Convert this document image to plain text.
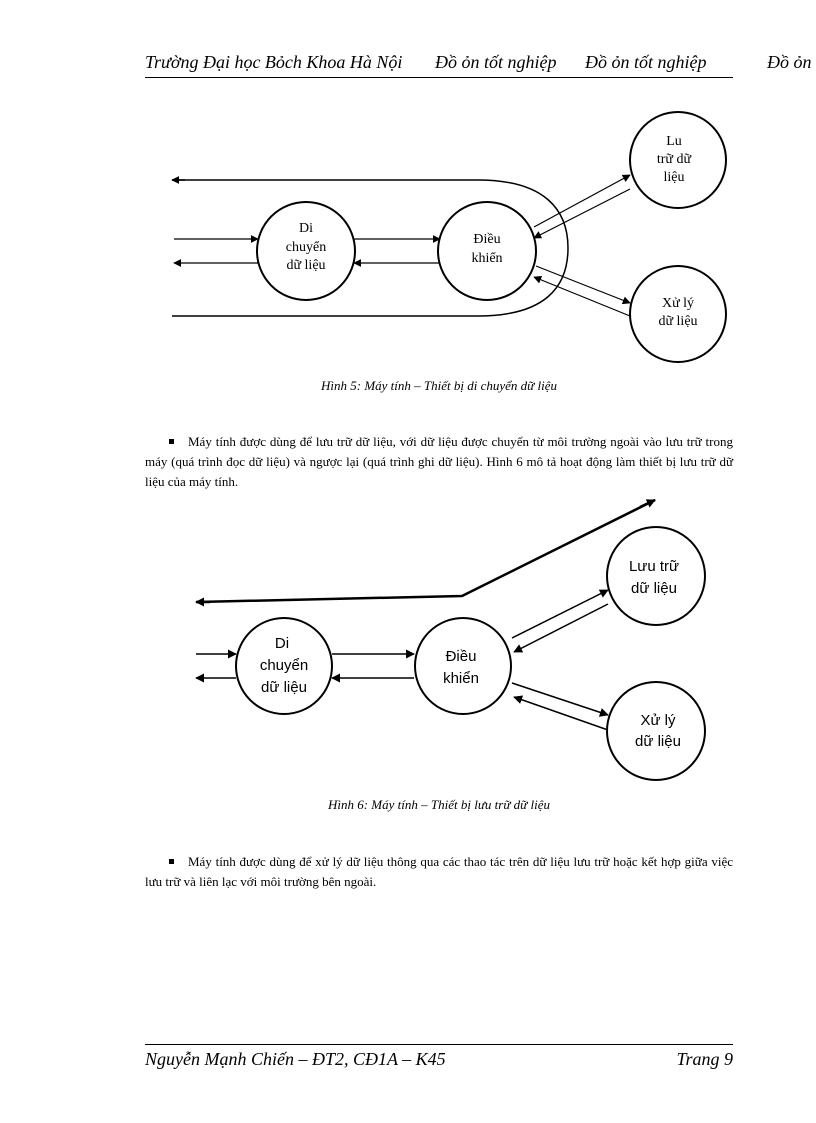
Trường Đại học Bỏch Khoa Hà Nội Đồ ỏn tốt nghiệp Đồ ỏn tốt nghiệp	Đồ ỏn
Di
chuyển
dữ liệu
Điều
khiển
Lu
trữ dữ
liệu
Xử lý
dữ liệu
Hình 5: Máy tính – Thiết bị di chuyển dữ liệu
Máy tính được dùng để lưu trữ dữ liệu, với dữ liệu được chuyển từ môi trường ngoài vào lưu trữ trong máy (quá trình đọc dữ liệu) và ngược lại (quá trình ghi dữ liệu). Hình 6 mô tả hoạt động làm thiết bị lưu trữ dữ liệu của máy tính.
Di
chuyển
dữ liệu
Điều
khiển
Lưu trữ
dữ liệu
Xử lý
dữ liệu
Hình 6: Máy tính – Thiết bị lưu trữ dữ liệu
Máy tính được dùng để xử lý dữ liệu thông qua các thao tác trên dữ liệu lưu trữ hoặc kết hợp giữa việc lưu trữ và liên lạc với môi trường bên ngoài.
Nguyễn Mạnh Chiến – ĐT2, CĐ1A – K45	Trang 9
